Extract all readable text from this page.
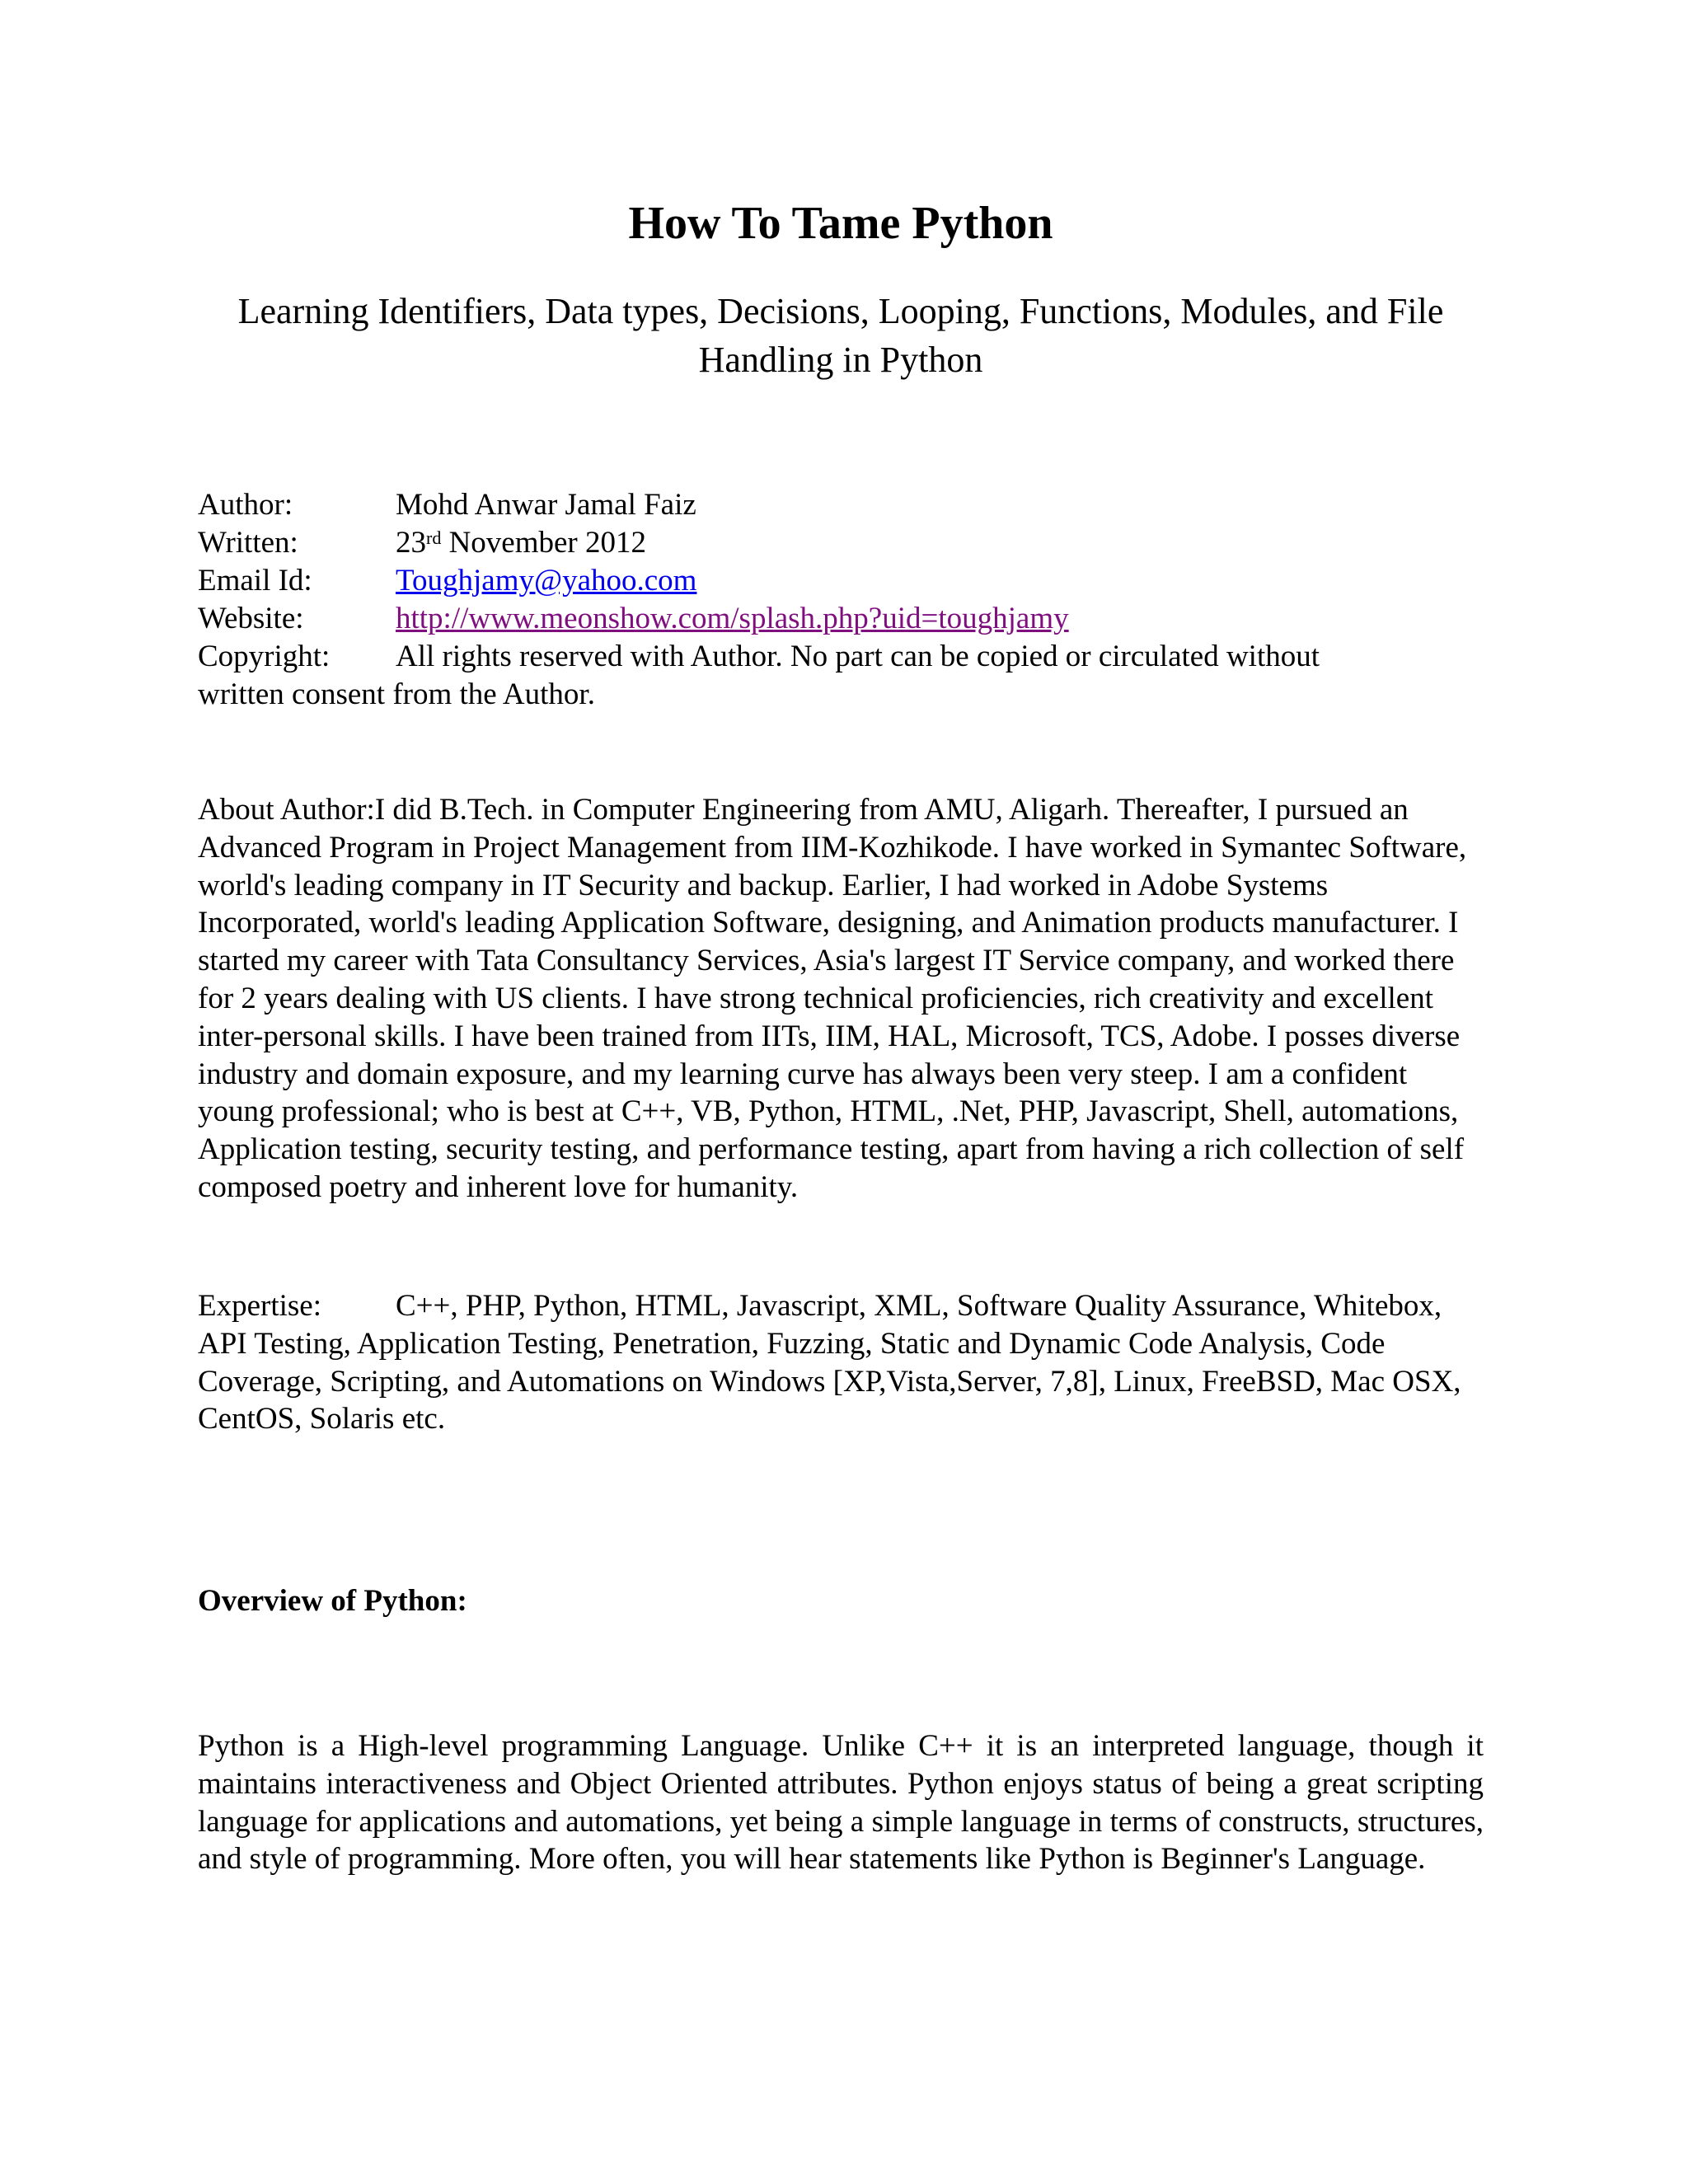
How To Tame Python
Learning Identifiers, Data types, Decisions, Looping, Functions, Modules, and File
Handling in Python
Author:	Mohd Anwar Jamal Faiz
Written:	23rd November 2012
Email Id:	Toughjamy@yahoo.com
Website:	http://www.meonshow.com/splash.php?uid=toughjamy
Copyright:	All rights reserved with Author. No part can be copied or circulated without
written consent from the Author.

About Author:I did B.Tech. in Computer Engineering from AMU, Aligarh. Thereafter, I pursued an Advanced Program in Project Management from IIM-Kozhikode. I have worked in Symantec Software, world's leading company in IT Security and backup. Earlier, I had worked in Adobe Systems Incorporated, world's leading Application Software, designing, and Animation products manufacturer. I started my career with Tata Consultancy Services, Asia's largest IT Service company, and worked there for 2 years dealing with US clients. I have strong technical proficiencies, rich creativity and excellent inter-personal skills. I have been trained from IITs, IIM, HAL, Microsoft, TCS, Adobe. I posses diverse industry and domain exposure, and my learning curve has always been very steep. I am a confident young professional; who is best at C++, VB, Python, HTML, .Net, PHP, Javascript, Shell, automations, Application testing, security testing, and performance testing, apart from having a rich collection of self composed poetry and inherent love for humanity.

Expertise: C++, PHP, Python, HTML, Javascript, XML, Software Quality Assurance, Whitebox, API Testing, Application Testing, Penetration, Fuzzing, Static and Dynamic Code Analysis, Code Coverage, Scripting, and Automations on Windows [XP,Vista,Server, 7,8], Linux, FreeBSD, Mac OSX, CentOS, Solaris etc.

Overview of Python:

Python is a High-level programming Language. Unlike C++ it is an interpreted language, though it maintains interactiveness and Object Oriented attributes. Python enjoys status of being a great scripting language for applications and automations, yet being a simple language in terms of constructs, structures, and style of programming. More often, you will hear statements like Python is Beginner's Language.
